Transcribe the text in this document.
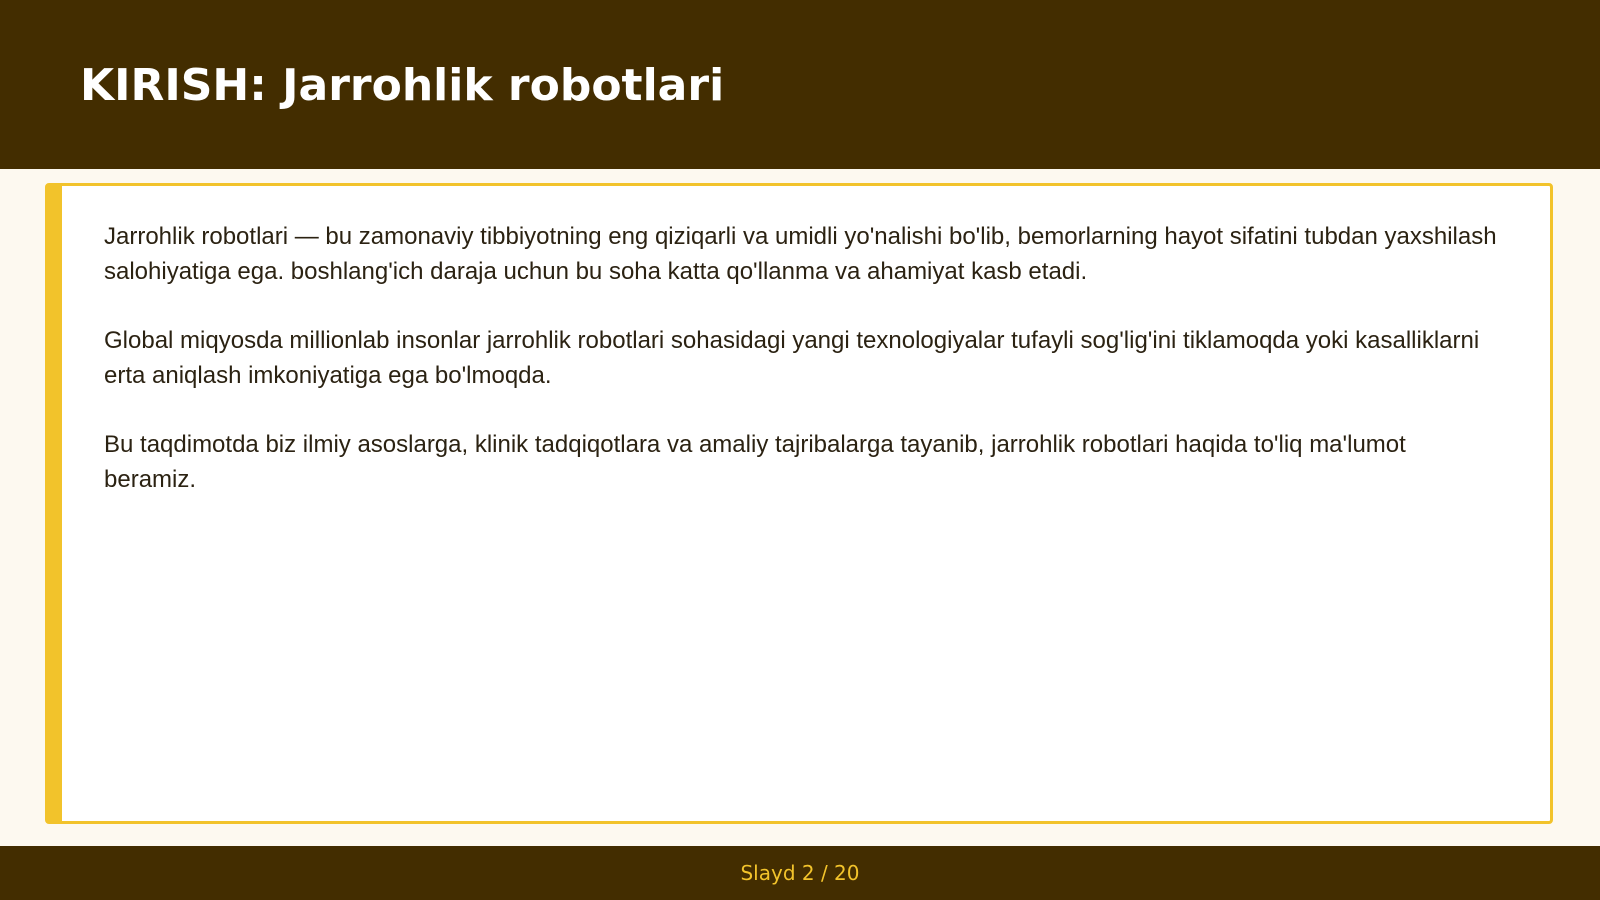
KIRISH: Jarrohlik robotlari

Jarrohlik robotlari — bu zamonaviy tibbiyotning eng qiziqarli va umidli yo'nalishi bo'lib, bemorlarning hayot sifatini tubdan yaxshilash salohiyatiga ega. boshlang'ich daraja uchun bu soha katta qo'llanma va ahamiyat kasb etadi.

Global miqyosda millionlab insonlar jarrohlik robotlari sohasidagi yangi texnologiyalar tufayli sog'lig'ini tiklamoqda yoki kasalliklarni erta aniqlash imkoniyatiga ega bo'lmoqda.

Bu taqdimotda biz ilmiy asoslarga, klinik tadqiqotlara va amaliy tajribalarga tayanib, jarrohlik robotlari haqida to'liq ma'lumot beramiz.

Slayd 2 / 20
